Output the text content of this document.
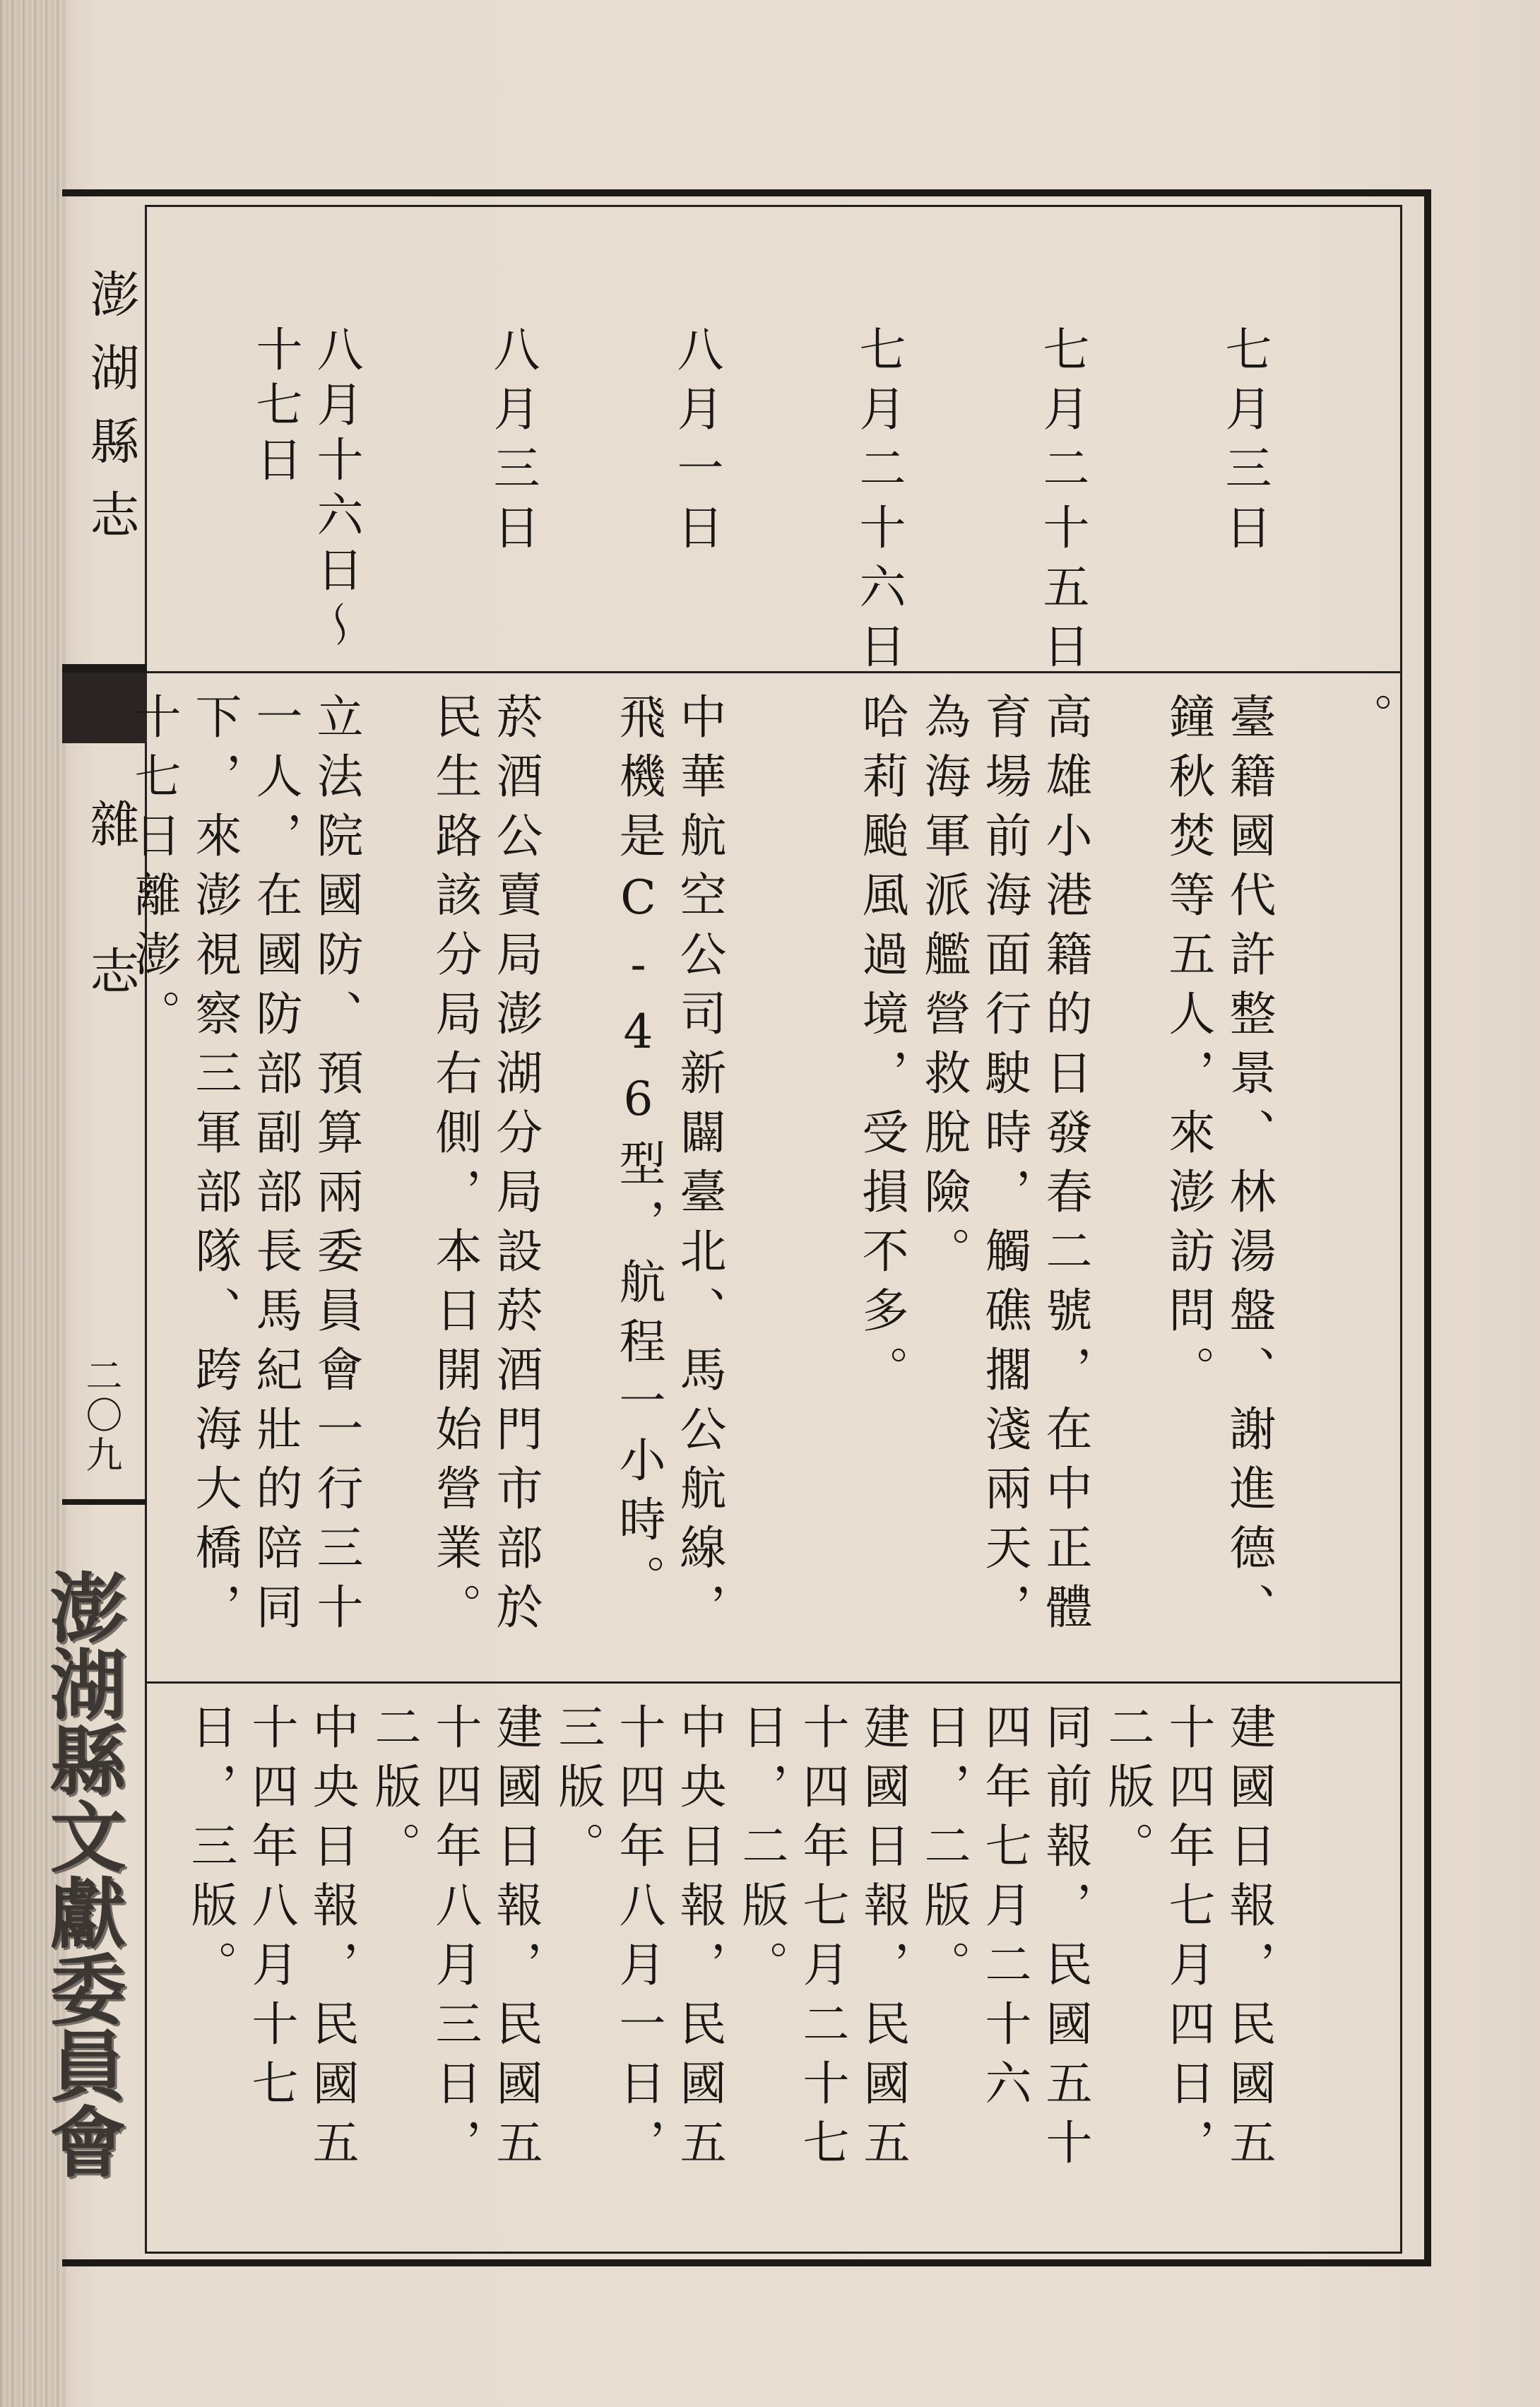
澎湖縣志
雜　志
二〇九
澎湖縣文獻委員會
七月三日
七月二十五日
七月二十六日
八月一日
八月三日
八月十六日～十七日
。
臺籍國代許整景、林湯盤、謝進德、鐘秋焚等五人，來澎訪問。
高雄小港籍的日發春二號，在中正體育場前海面行駛時，觸礁擱淺兩天，為海軍派艦營救脫險。
哈莉颱風過境，受損不多。
中華航空公司新闢臺北、馬公航線，飛機是C-46型，航程一小時。
菸酒公賣局澎湖分局設菸酒門市部於民生路該分局右側，本日開始營業。
立法院國防、預算兩委員會一行三十一人，在國防部副部長馬紀壯的陪同下，來澎視察三軍部隊、跨海大橋，十七日離澎。
建國日報，民國五十四年七月四日，二版。
同前報，民國五十四年七月二十六日，二版。
建國日報，民國五十四年七月二十七日，二版。
中央日報，民國五十四年八月一日，三版。
建國日報，民國五十四年八月三日，二版。
中央日報，民國五十四年八月十七日，三版。
